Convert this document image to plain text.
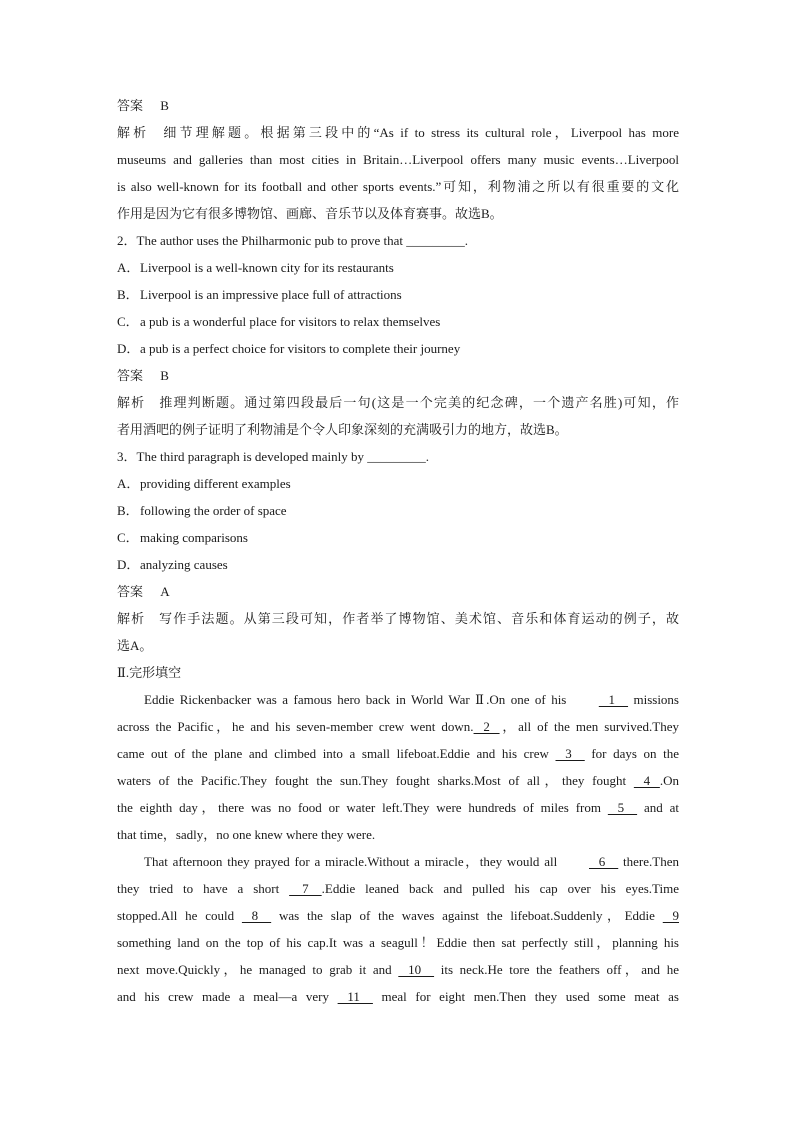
答案 B
解析 细节理解题。根据第三段中的“As if to stress its cultural role，Liverpool has more
museums and galleries than most cities in Britain…Liverpool offers many music events…Liverpool
is also well-known for its football and other sports events.”可知，利物浦之所以有很重要的文化
作用是因为它有很多博物馆、画廊、音乐节以及体育赛事。故选B。
2．The author uses the Philharmonic pub to prove that _________.
A．Liverpool is a well-known city for its restaurants
B．Liverpool is an impressive place full of attractions
C．a pub is a wonderful place for visitors to relax themselves
D．a pub is a perfect choice for visitors to complete their journey
答案 B
解析 推理判断题。通过第四段最后一句(这是一个完美的纪念碑，一个遗产名胜)可知，作
者用酒吧的例子证明了利物浦是个令人印象深刻的充满吸引力的地方，故选B。
3．The third paragraph is developed mainly by _________.
A．providing different examples
B．following the order of space
C．making comparisons
D．analyzing causes
答案 A
解析 写作手法题。从第三段可知，作者举了博物馆、美术馆、音乐和体育运动的例子，故
选A。
Ⅱ.完形填空
Eddie Rickenbacker was a famous hero back in World War Ⅱ.On one of his    1     missions
across the Pacific，he and his seven-member crew went down.   2   ，all of the men survived.They
came out of the plane and climbed into a small lifeboat.Eddie and his crew    3     for days on the
waters of the Pacific.They fought the sun.They fought sharks.Most of all，they fought    4   .On
the eighth day，there was no food or water left.They were hundreds of miles from    5     and at
that time，sadly，no one knew where they were.
That afternoon they prayed for a miracle.Without a miracle，they would all    6     there.Then
they tried to have a short     7    .Eddie leaned back and pulled his cap over his eyes.Time
stopped.All he could    8     was the slap of the waves against the lifeboat.Suddenly，Eddie    9
something land on the top of his cap.It was a seagull！Eddie then sat perfectly still，planning his
next move.Quickly，he managed to grab it and    10     its neck.He tore the feathers off，and he
and his crew made a meal—a very    11     meal for eight men.Then they used some meat as
